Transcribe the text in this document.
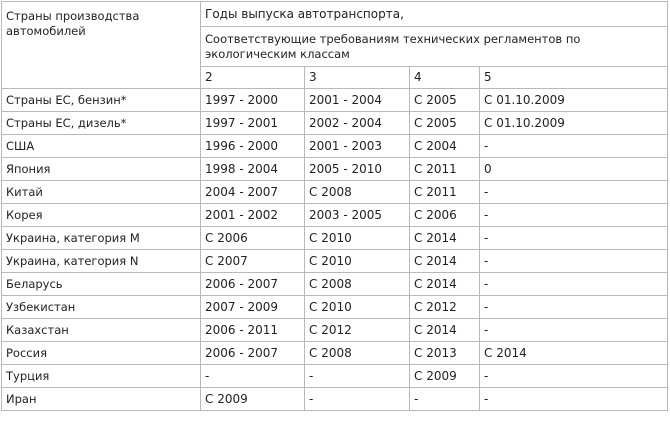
Страны производства автомобилей	Годы выпуска автотранспорта,			
	Соответствующие требованиям технических регламентов по экологическим классам			
	2	3	4	5
Страны ЕС, бензин*	1997 - 2000	2001 - 2004	С 2005	С 01.10.2009
Страны ЕС, дизель*	1997 - 2001	2002 - 2004	С 2005	С 01.10.2009
США	1996 - 2000	2001 - 2003	С 2004	-
Япония	1998 - 2004	2005 - 2010	С 2011	0
Китай	2004 - 2007	С 2008	С 2011	-
Корея	2001 - 2002	2003 - 2005	С 2006	-
Украина, категория М	С 2006	С 2010	С 2014	-
Украина, категория N	С 2007	С 2010	С 2014	-
Беларусь	2006 - 2007	С 2008	С 2014	-
Узбекистан	2007 - 2009	С 2010	С 2012	-
Казахстан	2006 - 2011	С 2012	С 2014	-
Россия	2006 - 2007	С 2008	С 2013	С 2014
Турция	-	-	С 2009	-
Иран	С 2009	-	-	-
